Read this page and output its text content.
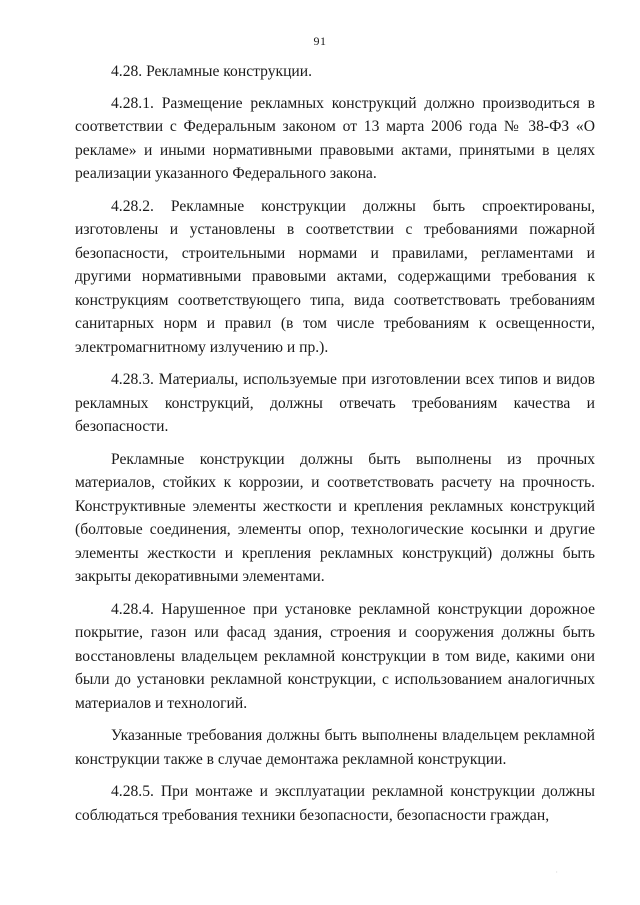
91

4.28. Рекламные конструкции.

4.28.1. Размещение рекламных конструкций должно производиться в соответствии с Федеральным законом от 13 марта 2006 года № 38-ФЗ «О рекламе» и иными нормативными правовыми актами, принятыми в целях реализации указанного Федерального закона.

4.28.2. Рекламные конструкции должны быть спроектированы, изготовлены и установлены в соответствии с требованиями пожарной безопасности, строительными нормами и правилами, регламентами и другими нормативными правовыми актами, содержащими требования к конструкциям соответствующего типа, вида соответствовать требованиям санитарных норм и правил (в том числе требованиям к освещенности, электромагнитному излучению и пр.).

4.28.3. Материалы, используемые при изготовлении всех типов и видов рекламных конструкций, должны отвечать требованиям качества и безопасности.

Рекламные конструкции должны быть выполнены из прочных материалов, стойких к коррозии, и соответствовать расчету на прочность. Конструктивные элементы жесткости и крепления рекламных конструкций (болтовые соединения, элементы опор, технологические косынки и другие элементы жесткости и крепления рекламных конструкций) должны быть закрыты декоративными элементами.

4.28.4. Нарушенное при установке рекламной конструкции дорожное покрытие, газон или фасад здания, строения и сооружения должны быть восстановлены владельцем рекламной конструкции в том виде, какими они были до установки рекламной конструкции, с использованием аналогичных материалов и технологий.

Указанные требования должны быть выполнены владельцем рекламной конструкции также в случае демонтажа рекламной конструкции.

4.28.5. При монтаже и эксплуатации рекламной конструкции должны соблюдаться требования техники безопасности, безопасности граждан,

·
